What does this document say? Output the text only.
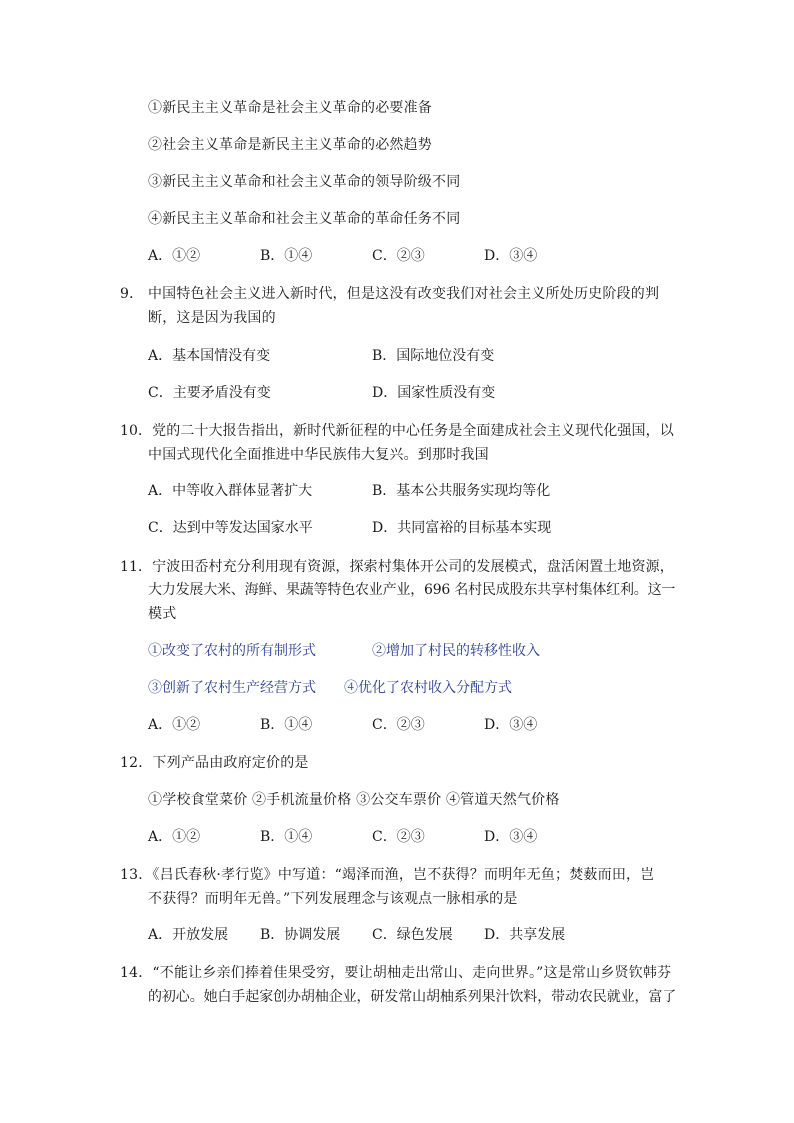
①新民主主义革命是社会主义革命的必要准备
②社会主义革命是新民主主义革命的必然趋势
③新民主主义革命和社会主义革命的领导阶级不同
④新民主主义革命和社会主义革命的革命任务不同
A．①②	B．①④	C．②③	D．③④
9． 中国特色社会主义进入新时代，但是这没有改变我们对社会主义所处历史阶段的判
断，这是因为我国的
A．基本国情没有变	B．国际地位没有变
C．主要矛盾没有变	D．国家性质没有变
10．党的二十大报告指出，新时代新征程的中心任务是全面建成社会主义现代化强国，以
中国式现代化全面推进中华民族伟大复兴。到那时我国
A．中等收入群体显著扩大	B．基本公共服务实现均等化
C．达到中等发达国家水平	D．共同富裕的目标基本实现
11．宁波田岙村充分利用现有资源，探索村集体开公司的发展模式，盘活闲置土地资源，
大力发展大米、海鲜、果蔬等特色农业产业，696 名村民成股东共享村集体红利。这一
模式
①改变了农村的所有制形式	②增加了村民的转移性收入
③创新了农村生产经营方式 ④优化了农村收入分配方式
A．①②	B．①④	C．②③	D．③④
12．下列产品由政府定价的是
①学校食堂菜价 ②手机流量价格 ③公交车票价 ④管道天然气价格
A．①②	B．①④	C．②③	D．③④
13．《吕氏春秋·孝行览》中写道：“竭泽而渔，岂不获得？而明年无鱼；焚薮而田，岂
不获得？而明年无兽。”下列发展理念与该观点一脉相承的是
A．开放发展 B．协调发展 C．绿色发展 D．共享发展
14．“不能让乡亲们捧着佳果受穷，要让胡柚走出常山、走向世界。”这是常山乡贤钦韩芬
的初心。她白手起家创办胡柚企业，研发常山胡柚系列果汁饮料，带动农民就业，富了
